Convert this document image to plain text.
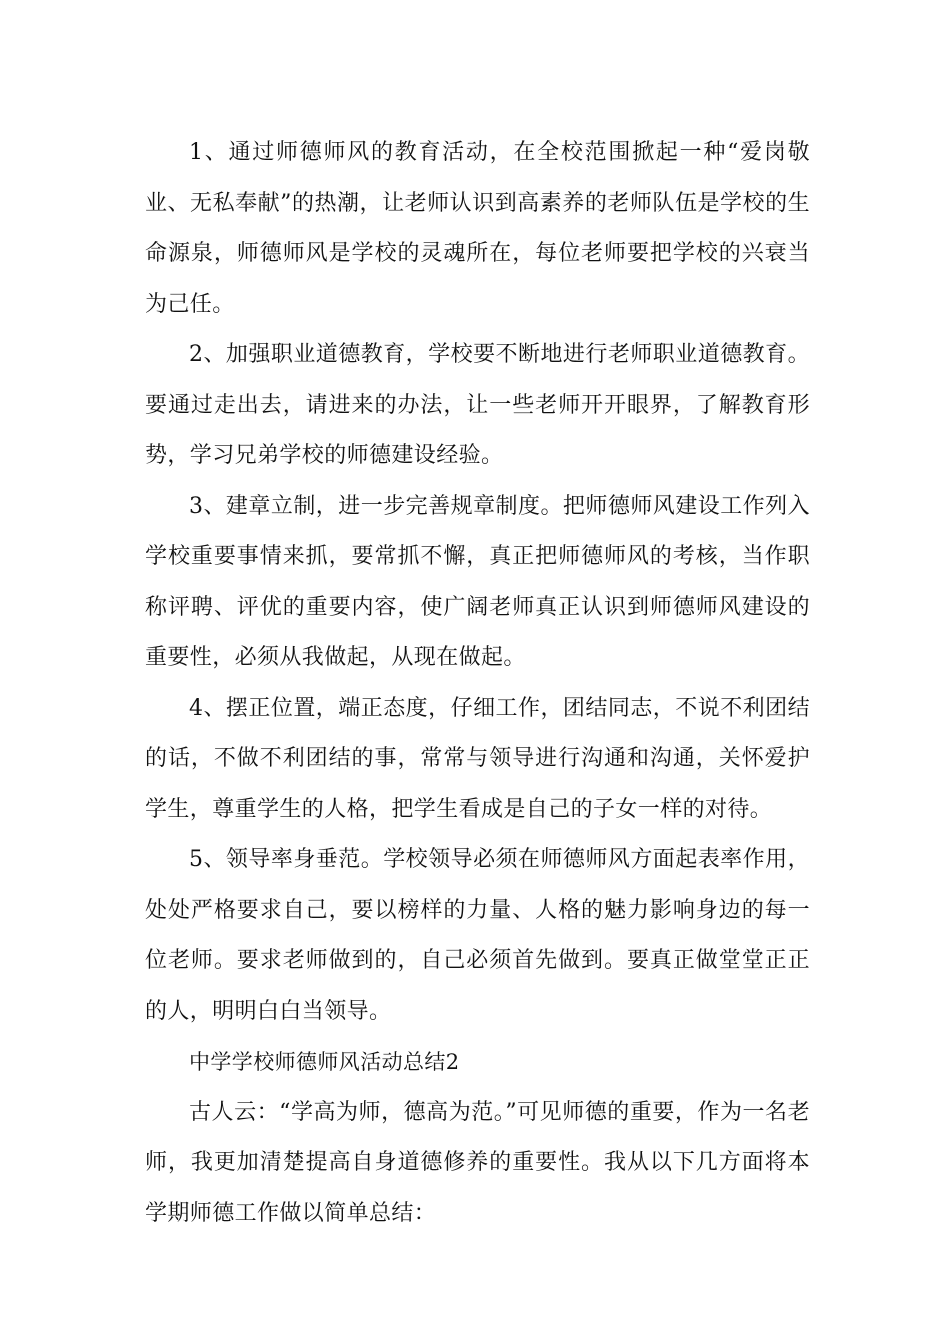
1、通过师德师风的教育活动，在全校范围掀起一种“爱岗敬业、无私奉献”的热潮，让老师认识到高素养的老师队伍是学校的生命源泉，师德师风是学校的灵魂所在，每位老师要把学校的兴衰当为己任。

2、加强职业道德教育，学校要不断地进行老师职业道德教育。要通过走出去，请进来的办法，让一些老师开开眼界，了解教育形势，学习兄弟学校的师德建设经验。

3、建章立制，进一步完善规章制度。把师德师风建设工作列入学校重要事情来抓，要常抓不懈，真正把师德师风的考核，当作职称评聘、评优的重要内容，使广阔老师真正认识到师德师风建设的重要性，必须从我做起，从现在做起。

4、摆正位置，端正态度，仔细工作，团结同志，不说不利团结的话，不做不利团结的事，常常与领导进行沟通和沟通，关怀爱护学生，尊重学生的人格，把学生看成是自己的子女一样的对待。

5、领导率身垂范。学校领导必须在师德师风方面起表率作用，处处严格要求自己，要以榜样的力量、人格的魅力影响身边的每一位老师。要求老师做到的，自己必须首先做到。要真正做堂堂正正的人，明明白白当领导。

中学学校师德师风活动总结2

古人云：“学高为师，德高为范。”可见师德的重要，作为一名老师，我更加清楚提高自身道德修养的重要性。我从以下几方面将本学期师德工作做以简单总结：
